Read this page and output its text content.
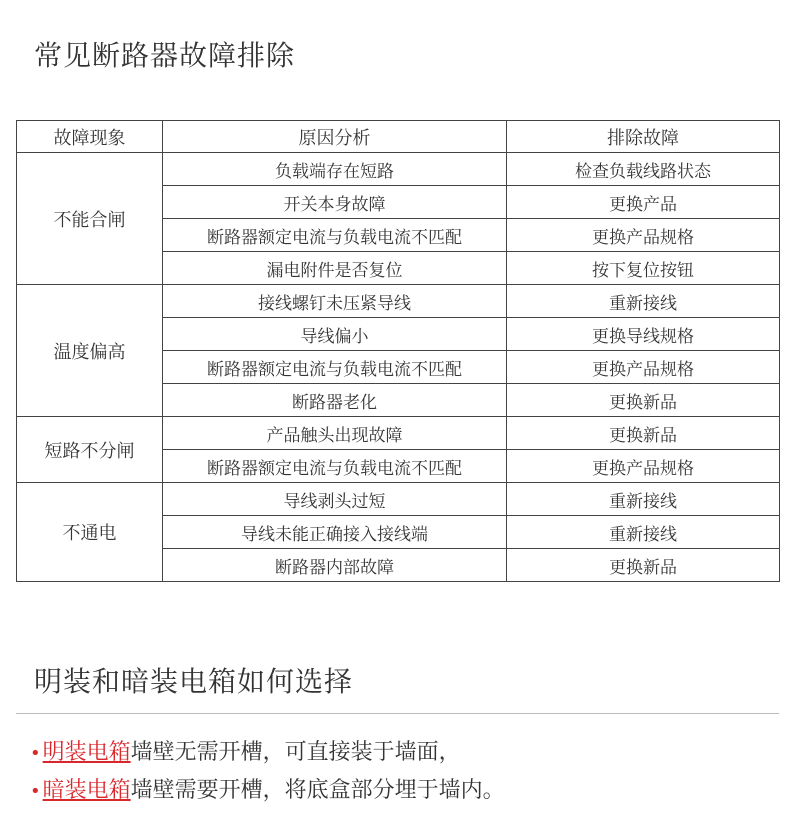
常见断路器故障排除
故障现象	原因分析	排除故障
不能合闸	负载端存在短路	检查负载线路状态
	开关本身故障	更换产品
	断路器额定电流与负载电流不匹配	更换产品规格
	漏电附件是否复位	按下复位按钮
温度偏高	接线螺钉未压紧导线	重新接线
	导线偏小	更换导线规格
	断路器额定电流与负载电流不匹配	更换产品规格
	断路器老化	更换新品
短路不分闸	产品触头出现故障	更换新品
	断路器额定电流与负载电流不匹配	更换产品规格
不通电	导线剥头过短	重新接线
	导线未能正确接入接线端	重新接线
	断路器内部故障	更换新品
明装和暗装电箱如何选择
•明装电箱墙壁无需开槽，可直接装于墙面，
•暗装电箱墙壁需要开槽，将底盒部分埋于墙内。
